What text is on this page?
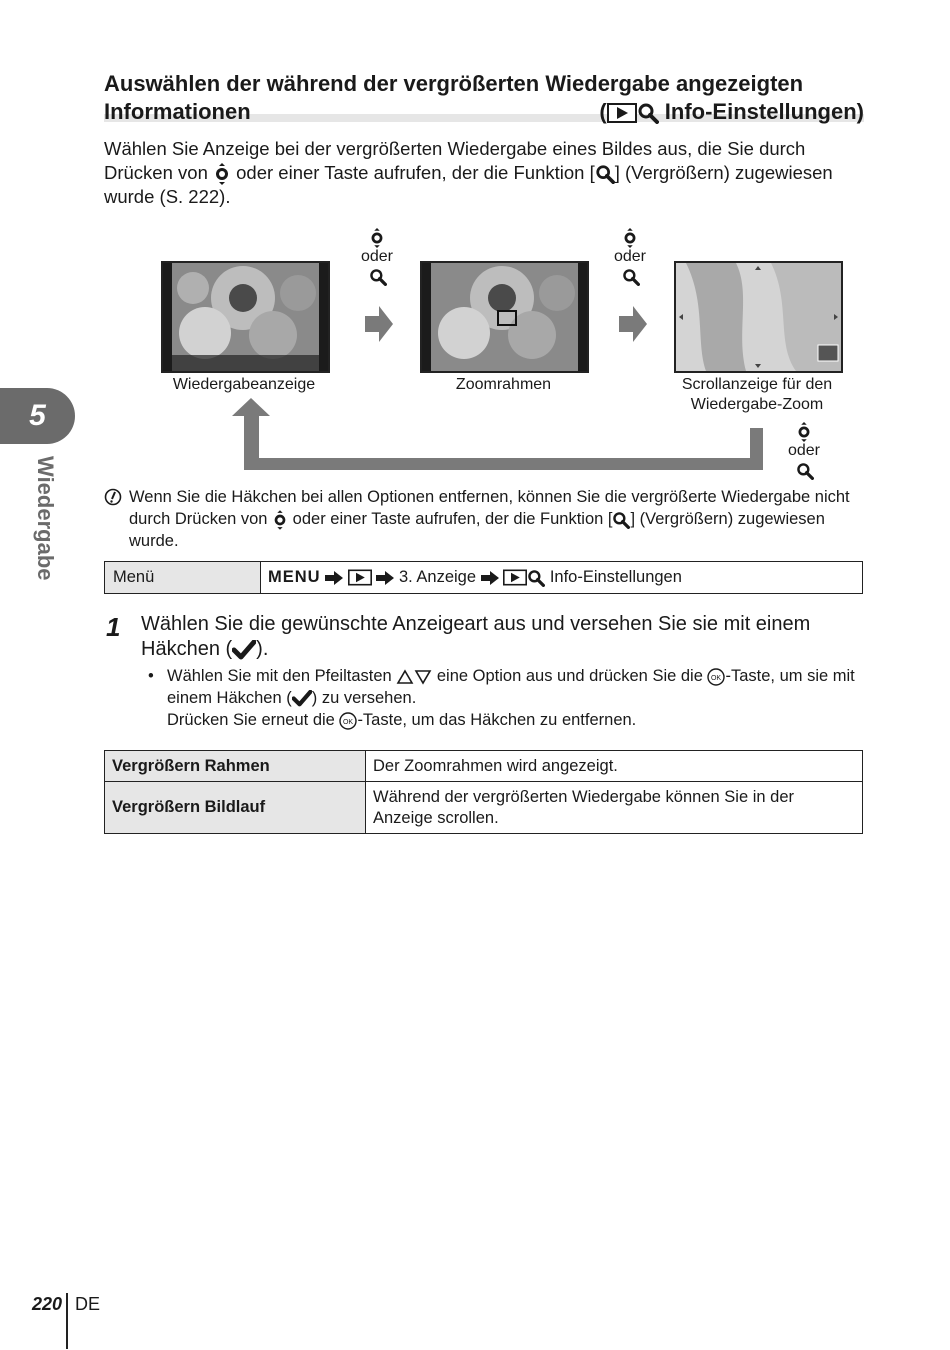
Auswählen der während der vergrößerten Wiedergabe angezeigten
Informationen	( Info-Einstellungen)
Wählen Sie Anzeige bei der vergrößerten Wiedergabe eines Bildes aus, die Sie durch Drücken von  oder einer Taste aufrufen, der die Funktion [ ] (Vergrößern) zugewiesen wurde (S. 222).
Wiedergabeanzeige	Zoomrahmen	Scrollanzeige für den Wiedergabe-Zoom
oder	oder
oder
Wenn Sie die Häkchen bei allen Optionen entfernen, können Sie die vergrößerte Wiedergabe nicht durch Drücken von  oder einer Taste aufrufen, der die Funktion [ ] (Vergrößern) zugewiesen wurde.
Menü	MENU	3. Anzeige	Info-Einstellungen
1 Wählen Sie die gewünschte Anzeigeart aus und versehen Sie sie mit einem Häkchen ( ).
• Wählen Sie mit den Pfeiltasten  eine Option aus und drücken Sie die OK -Taste, um sie mit einem Häkchen ( ) zu versehen.
Drücken Sie erneut die OK -Taste, um das Häkchen zu entfernen.
Vergrößern Rahmen	Der Zoomrahmen wird angezeigt.
Vergrößern Bildlauf	Während der vergrößerten Wiedergabe können Sie in der Anzeige scrollen.
5
Wiedergabe
220 DE
